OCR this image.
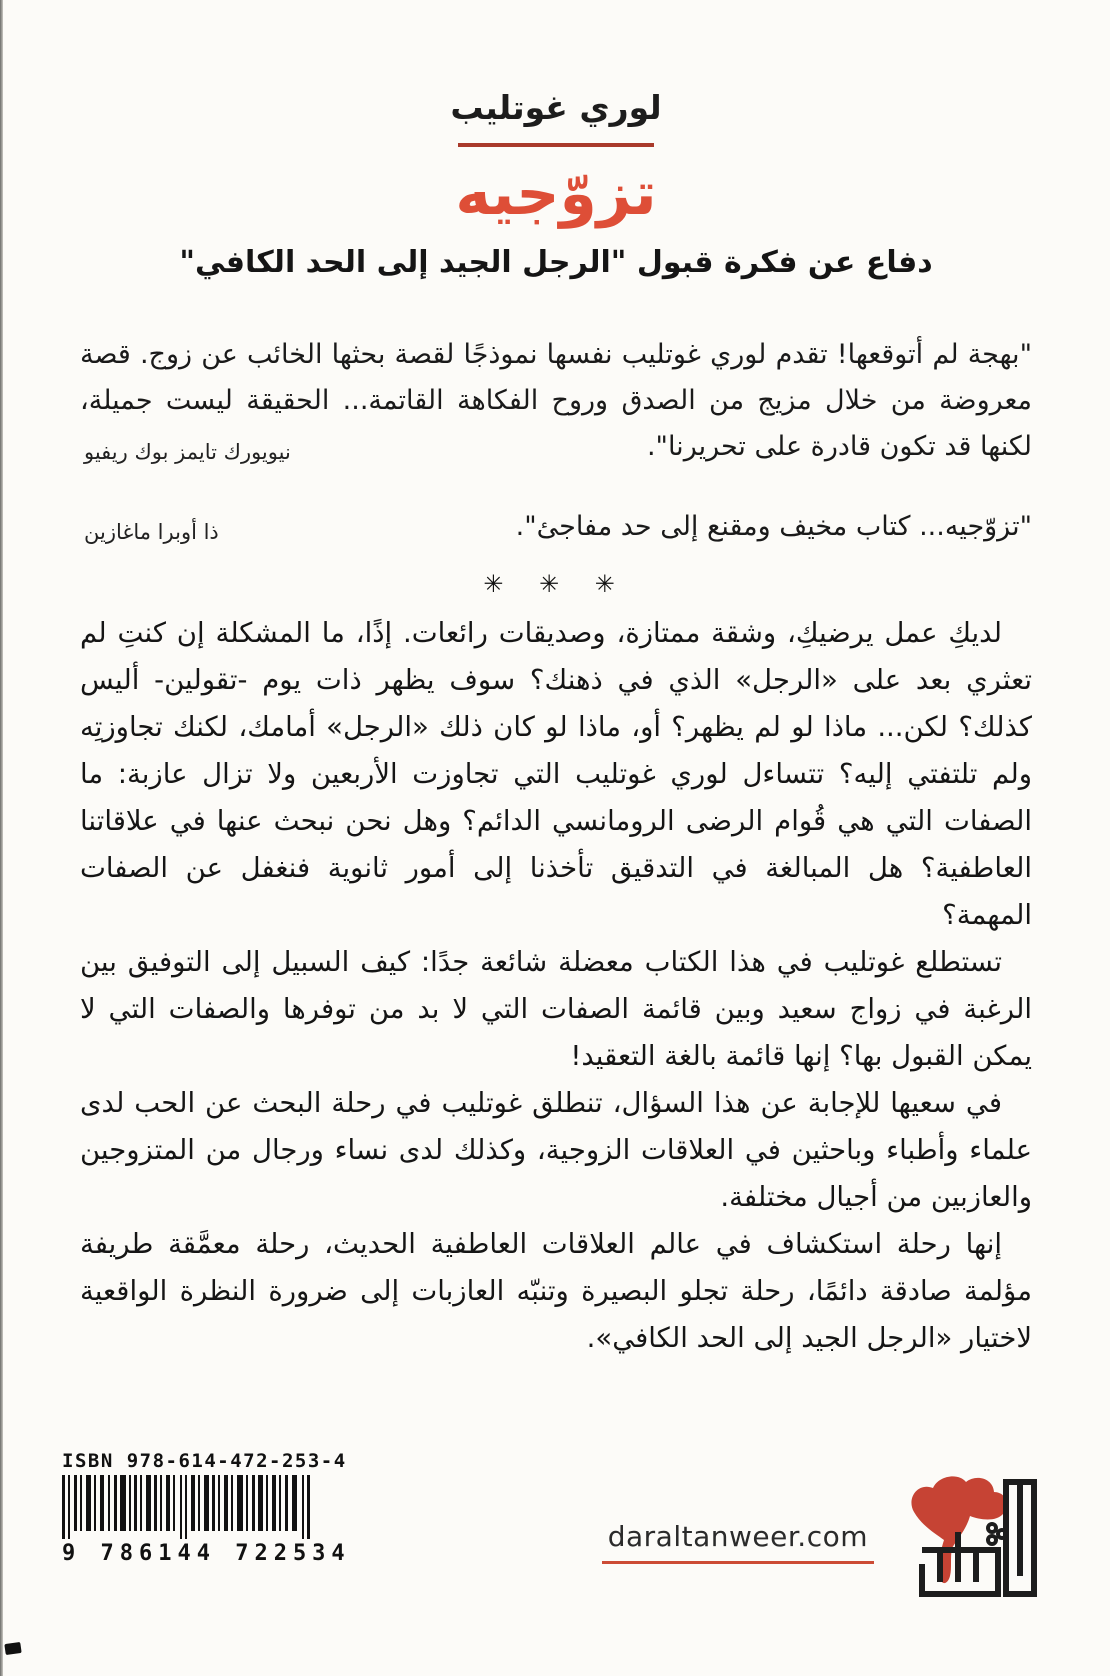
لوري غوتليب
تزوّجيه
دفاع عن فكرة قبول "الرجل الجيد إلى الحد الكافي"

"بهجة لم أتوقعها! تقدم لوري غوتليب نفسها نموذجًا لقصة بحثها الخائب عن زوج. قصة معروضة من خلال مزيج من الصدق وروح الفكاهة القاتمة... الحقيقة ليست جميلة، لكنها قد تكون قادرة على تحريرنا".

نيويورك تايمز بوك ريفيو

"تزوّجيه... كتاب مخيف ومقنع إلى حد مفاجئ".

ذا أوبرا ماغازين
✳ ✳ ✳

لديكِ عمل يرضيكِ، وشقة ممتازة، وصديقات رائعات. إذًا، ما المشكلة إن كنتِ لم تعثري بعد على «الرجل» الذي في ذهنك؟ سوف يظهر ذات يوم -تقولين- أليس كذلك؟ لكن... ماذا لو لم يظهر؟ أو، ماذا لو كان ذلك «الرجل» أمامك، لكنك تجاوزتِه ولم تلتفتي إليه؟ تتساءل لوري غوتليب التي تجاوزت الأربعين ولا تزال عازبة: ما الصفات التي هي قُوام الرضى الرومانسي الدائم؟ وهل نحن نبحث عنها في علاقاتنا العاطفية؟ هل المبالغة في التدقيق تأخذنا إلى أمور ثانوية فنغفل عن الصفات المهمة؟

تستطلع غوتليب في هذا الكتاب معضلة شائعة جدًا: كيف السبيل إلى التوفيق بين الرغبة في زواج سعيد وبين قائمة الصفات التي لا بد من توفرها والصفات التي لا يمكن القبول بها؟ إنها قائمة بالغة التعقيد!

في سعيها للإجابة عن هذا السؤال، تنطلق غوتليب في رحلة البحث عن الحب لدى علماء وأطباء وباحثين في العلاقات الزوجية، وكذلك لدى نساء ورجال من المتزوجين والعازبين من أجيال مختلفة.

إنها رحلة استكشاف في عالم العلاقات العاطفية الحديث، رحلة معمَّقة طريفة مؤلمة صادقة دائمًا، رحلة تجلو البصيرة وتنبّه العازبات إلى ضرورة النظرة الواقعية لاختيار «الرجل الجيد إلى الحد الكافي».

ISBN 978-614-472-253-4
9 786144 722534
daraltanweer.com
